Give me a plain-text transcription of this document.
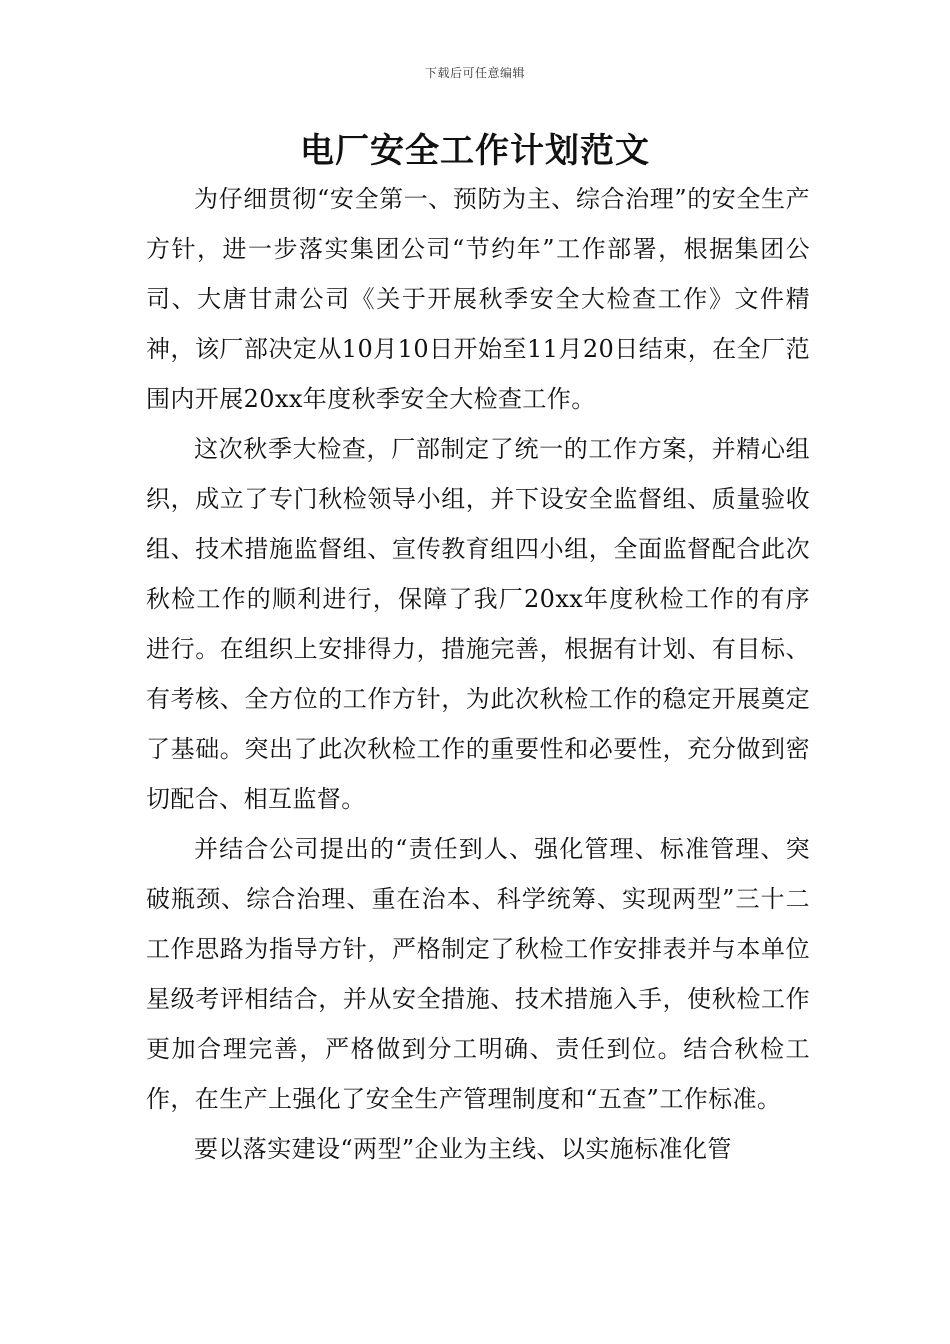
下载后可任意编辑
电厂安全工作计划范文

为仔细贯彻“安全第一、预防为主、综合治理”的安全生产方针，进一步落实集团公司“节约年”工作部署，根据集团公司、大唐甘肃公司《关于开展秋季安全大检查工作》文件精神，该厂部决定从10月10日开始至11月20日结束，在全厂范围内开展20xx年度秋季安全大检查工作。

这次秋季大检查，厂部制定了统一的工作方案，并精心组织，成立了专门秋检领导小组，并下设安全监督组、质量验收组、技术措施监督组、宣传教育组四小组，全面监督配合此次秋检工作的顺利进行，保障了我厂20xx年度秋检工作的有序进行。在组织上安排得力，措施完善，根据有计划、有目标、有考核、全方位的工作方针，为此次秋检工作的稳定开展奠定了基础。突出了此次秋检工作的重要性和必要性，充分做到密切配合、相互监督。

并结合公司提出的“责任到人、强化管理、标准管理、突破瓶颈、综合治理、重在治本、科学统筹、实现两型”三十二工作思路为指导方针，严格制定了秋检工作安排表并与本单位星级考评相结合，并从安全措施、技术措施入手，使秋检工作更加合理完善，严格做到分工明确、责任到位。结合秋检工作，在生产上强化了安全生产管理制度和“五查”工作标准。

要以落实建设“两型”企业为主线、以实施标准化管
